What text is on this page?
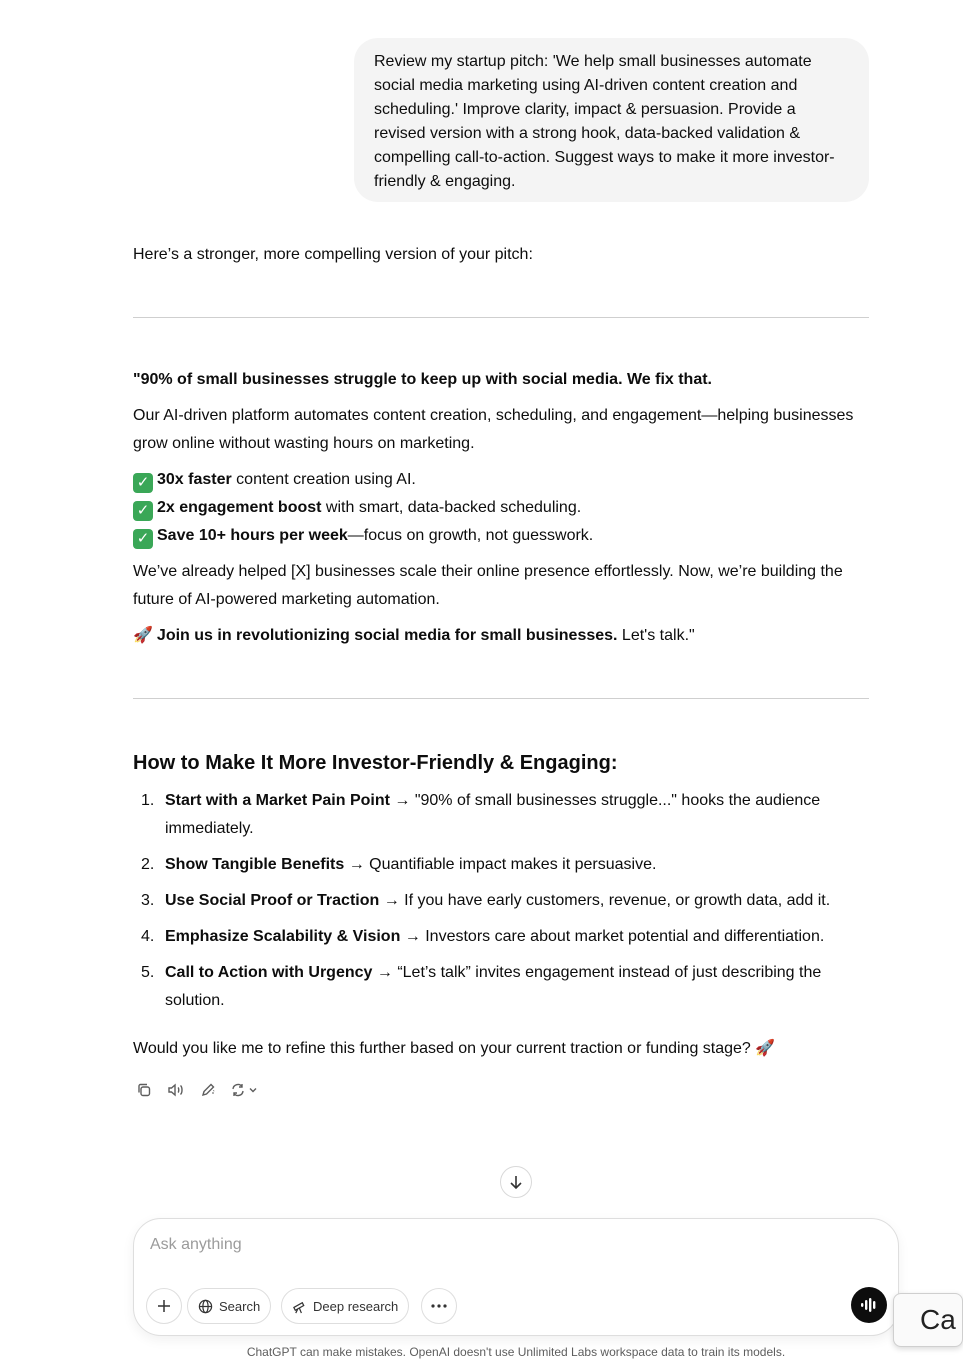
Review my startup pitch: 'We help small businesses automate social media marketing using AI-driven content creation and scheduling.' Improve clarity, impact & persuasion. Provide a revised version with a strong hook, data-backed validation & compelling call-to-action. Suggest ways to make it more investor-friendly & engaging.
Here’s a stronger, more compelling version of your pitch:
"90% of small businesses struggle to keep up with social media. We fix that.
Our AI-driven platform automates content creation, scheduling, and engagement—helping businesses grow online without wasting hours on marketing.
✓ 30x faster content creation using AI.
✓ 2x engagement boost with smart, data-backed scheduling.
✓ Save 10+ hours per week—focus on growth, not guesswork.
We’ve already helped [X] businesses scale their online presence effortlessly. Now, we’re building the future of AI-powered marketing automation.
🚀 Join us in revolutionizing social media for small businesses. Let's talk."
How to Make It More Investor-Friendly & Engaging:
1. Start with a Market Pain Point → "90% of small businesses struggle..." hooks the audience immediately.
2. Show Tangible Benefits → Quantifiable impact makes it persuasive.
3. Use Social Proof or Traction → If you have early customers, revenue, or growth data, add it.
4. Emphasize Scalability & Vision → Investors care about market potential and differentiation.
5. Call to Action with Urgency → “Let’s talk” invites engagement instead of just describing the solution.
Would you like me to refine this further based on your current traction or funding stage? 🚀
Ask anything
Search	Deep research	Ca
ChatGPT can make mistakes. OpenAI doesn't use Unlimited Labs workspace data to train its models.
